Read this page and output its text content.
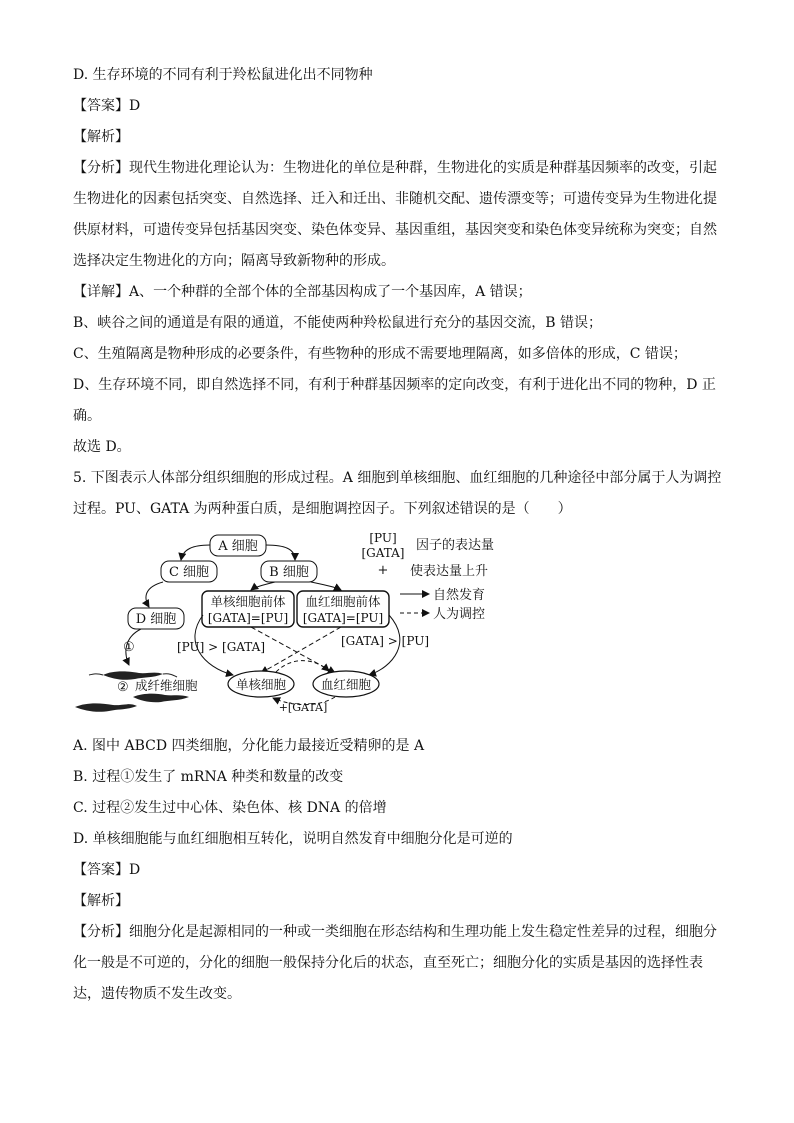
D. 生存环境的不同有利于羚松鼠进化出不同物种
【答案】D
【解析】
【分析】现代生物进化理论认为：生物进化的单位是种群，生物进化的实质是种群基因频率的改变，引起
生物进化的因素包括突变、自然选择、迁入和迁出、非随机交配、遗传漂变等；可遗传变异为生物进化提
供原材料，可遗传变异包括基因突变、染色体变异、基因重组，基因突变和染色体变异统称为突变；自然
选择决定生物进化的方向；隔离导致新物种的形成。
【详解】A、一个种群的全部个体的全部基因构成了一个基因库，A 错误；
B、峡谷之间的通道是有限的通道，不能使两种羚松鼠进行充分的基因交流，B 错误；
C、生殖隔离是物种形成的必要条件，有些物种的形成不需要地理隔离，如多倍体的形成，C 错误；
D、生存环境不同，即自然选择不同，有利于种群基因频率的定向改变，有利于进化出不同的物种，D 正
确。
故选 D。
5. 下图表示人体部分组织细胞的形成过程。A 细胞到单核细胞、血红细胞的几种途径中部分属于人为调控
过程。PU、GATA 为两种蛋白质，是细胞调控因子。下列叙述错误的是（　　）
A 细胞
C 细胞	B 细胞
D 细胞
单核细胞前体
[GATA]=[PU]
血红细胞前体
[GATA]=[PU]
[PU] > [GATA]	[GATA] > [PU]
单核细胞	血红细胞
+[GATA]
①
② 成纤维细胞
[PU]
[GATA]
+
因子的表达量
使表达量上升
自然发育
人为调控
A. 图中 ABCD 四类细胞，分化能力最接近受精卵的是 A
B. 过程①发生了 mRNA 种类和数量的改变
C. 过程②发生过中心体、染色体、核 DNA 的倍增
D. 单核细胞能与血红细胞相互转化，说明自然发育中细胞分化是可逆的
【答案】D
【解析】
【分析】细胞分化是起源相同的一种或一类细胞在形态结构和生理功能上发生稳定性差异的过程，细胞分
化一般是不可逆的，分化的细胞一般保持分化后的状态，直至死亡；细胞分化的实质是基因的选择性表
达，遗传物质不发生改变。
